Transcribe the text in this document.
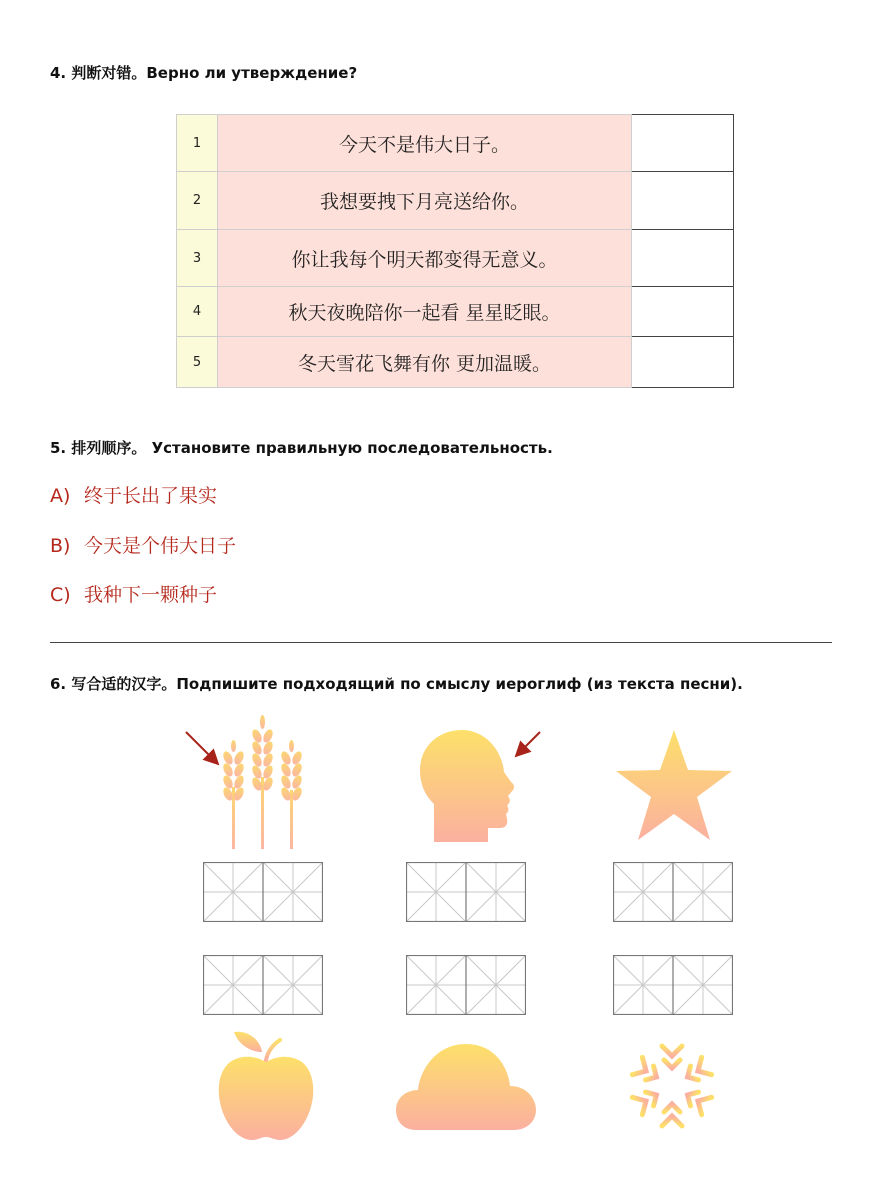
4. 判断对错。Верно ли утверждение?

1	今天不是伟大日子。	
2	我想要拽下月亮送给你。	
3	你让我每个明天都变得无意义。	
4	秋天夜晚陪你一起看 星星眨眼。	
5	冬天雪花飞舞有你 更加温暖。	

5. 排列顺序。 Установите правильную последовательность.

A) 终于长出了果实

B) 今天是个伟大日子

C) 我种下一颗种子

6. 写合适的汉字。Подпишите подходящий по смыслу иероглиф (из текста песни).
